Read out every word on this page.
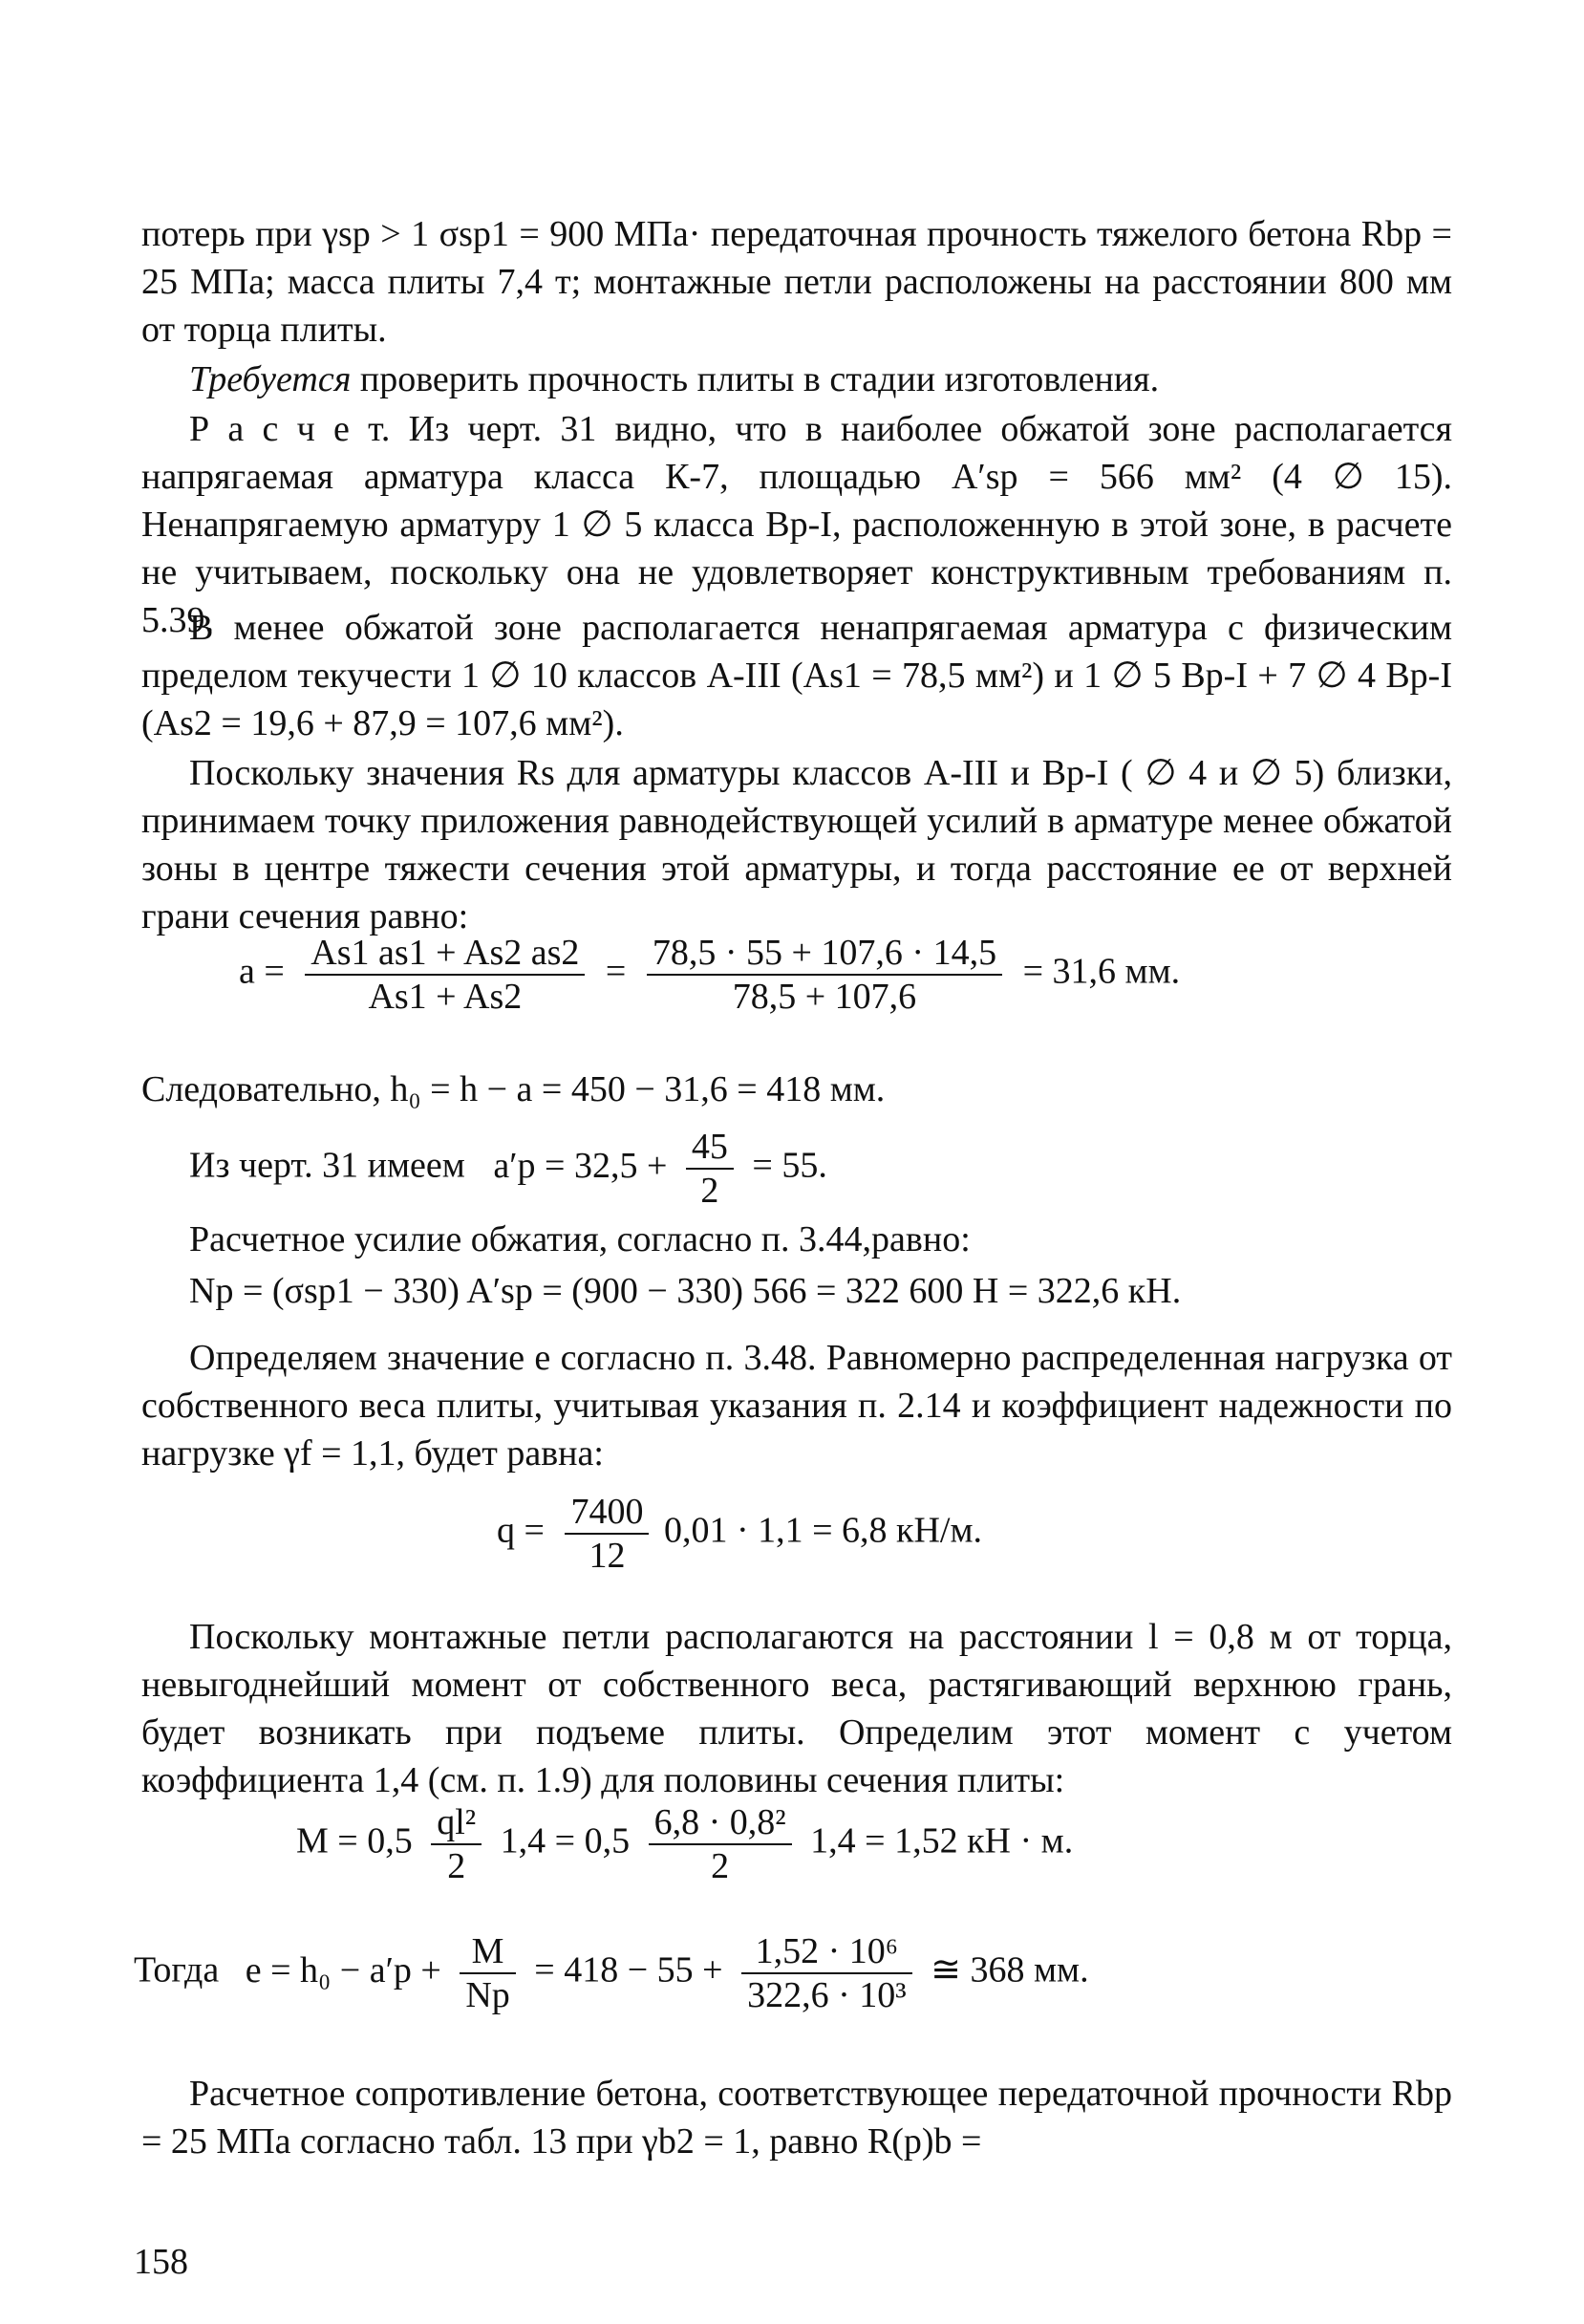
потерь при γsp > 1 σsp1 = 900 МПа· передаточная прочность тяжелого бетона Rbp = 25 МПа; масса плиты 7,4 т; монтажные петли расположены на расстоянии 800 мм от торца плиты.

Требуется проверить прочность плиты в стадии изготовления.

Р а с ч е т. Из черт. 31 видно, что в наиболее обжатой зоне располагается напрягаемая арматура класса К-7, площадью A′sp = 566 мм² (4 ∅ 15). Ненапрягаемую арматуру 1 ∅ 5 класса Вр-I, расположенную в этой зоне, в расчете не учитываем, поскольку она не удовлетворяет конструктивным требованиям п. 5.39.

В менее обжатой зоне располагается ненапрягаемая арматура с физическим пределом текучести 1 ∅ 10 классов A-III (As1 = 78,5 мм²) и 1 ∅ 5 Вр-I + 7 ∅ 4 Вр-I (As2 = 19,6 + 87,9 = 107,6 мм²).

Поскольку значения Rs для арматуры классов A-III и Вр-I ( ∅ 4 и ∅ 5) близки, принимаем точку приложения равнодействующей усилий в арматуре менее обжатой зоны в центре тяжести сечения этой арматуры, и тогда расстояние ее от верхней грани сечения равно:

$a = \frac{As1 as1 + As2 as2}{As1 + As2} = \frac{78,5 \cdot 55 + 107,6 \cdot 14,5}{78,5 + 107,6} = 31,6$ мм.

Следовательно, h₀ = h − a = 450 − 31,6 = 418 мм.

Из черт. 31 имеем $a'p = 32,5 + \frac{45}{2} = 55$.

Расчетное усилие обжатия, согласно п. 3.44,равно:

Np = (σsp1 − 330) A′sp = (900 − 330) 566 = 322 600 Н = 322,6 кН.

Определяем значение e согласно п. 3.48. Равномерно распределенная нагрузка от собственного веса плиты, учитывая указания п. 2.14 и коэффициент надежности по нагрузке γf = 1,1, будет равна:

$q = \frac{7400}{12} 0,01 \cdot 1,1 = 6,8$ кН/м.

Поскольку монтажные петли располагаются на расстоянии l = 0,8 м от торца, невыгоднейший момент от собственного веса, растягивающий верхнюю грань, будет возникать при подъеме плиты. Определим этот момент с учетом коэффициента 1,4 (см. п. 1.9) для половины сечения плиты:

$M = 0,5 \frac{\text{ql²}}{2} 1,4 = 0,5 \frac{\text{6,8 · 0,8²}}{2} 1,4 = 1,52$ кН · м.
Тогда $e = h_0 - a'p + \frac{M}{Np} = 418 - 55 + \frac{\text{1,52 · 10⁶}}{\text{322,6 · 10³}}$ ≅ 368 мм.

Расчетное сопротивление бетона, соответствующее передаточной прочности Rbp = 25 МПа согласно табл. 13 при γb2 = 1, равно R(p)b =

158
